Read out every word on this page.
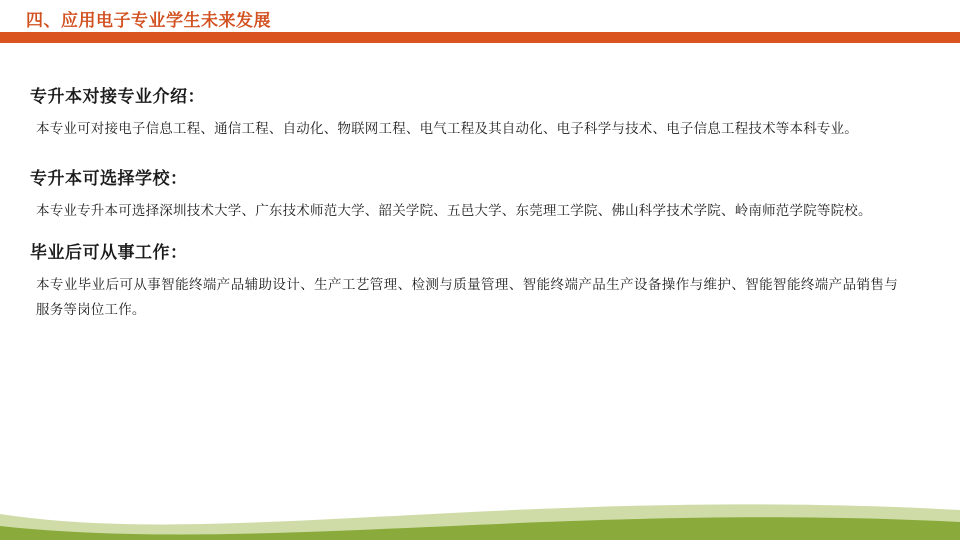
四、应用电子专业学生未来发展
专升本对接专业介绍：
本专业可对接电子信息工程、通信工程、自动化、物联网工程、电气工程及其自动化、电子科学与技术、电子信息工程技术等本科专业。
专升本可选择学校：
本专业专升本可选择深圳技术大学、广东技术师范大学、韶关学院、五邑大学、东莞理工学院、佛山科学技术学院、岭南师范学院等院校。
毕业后可从事工作：
本专业毕业后可从事智能终端产品辅助设计、生产工艺管理、检测与质量管理、智能终端产品生产设备操作与维护、智能智能终端产品销售与服务等岗位工作。
